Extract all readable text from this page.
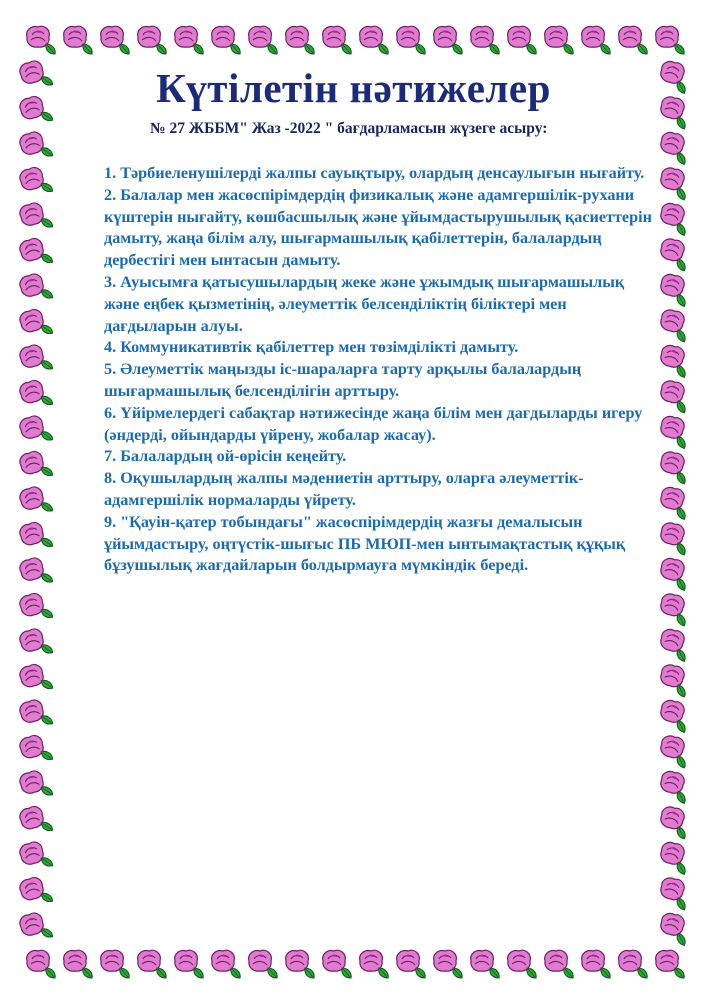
Күтілетін нәтижелер

№ 27 ЖББМ" Жаз -2022 " бағдарламасын жүзеге асыру:

1. Тәрбиеленушілерді жалпы сауықтыру, олардың денсаулығын нығайту.
2. Балалар мен жасөспірімдердің физикалық және адамгершілік-рухани күштерін нығайту, көшбасшылық және ұйымдастырушылық қасиеттерін дамыту, жаңа білім алу, шығармашылық қабілеттерін, балалардың дербестігі мен ынтасын дамыту.
3. Ауысымға қатысушылардың жеке және ұжымдық шығармашылық және еңбек қызметінің, әлеуметтік белсенділіктің біліктері мен дағдыларын алуы.
4. Коммуникативтік қабілеттер мен төзімділікті дамыту.
5. Әлеуметтік маңызды іс-шараларға тарту арқылы балалардың шығармашылық белсенділігін арттыру.
6. Үйірмелердегі сабақтар нәтижесінде жаңа білім мен дағдыларды игеру (әндерді, ойындарды үйрену, жобалар жасау).
7. Балалардың ой-өрісін кеңейту.
8. Оқушылардың жалпы мәдениетін арттыру, оларға әлеуметтік-адамгершілік нормаларды үйрету.
9. "Қауін-қатер тобындағы" жасөспірімдердің жазғы демалысын ұйымдастыру, оңтүстік-шығыс ПБ МЮП-мен ынтымақтастық құқық бұзушылық жағдайларын болдырмауға мүмкіндік береді.
